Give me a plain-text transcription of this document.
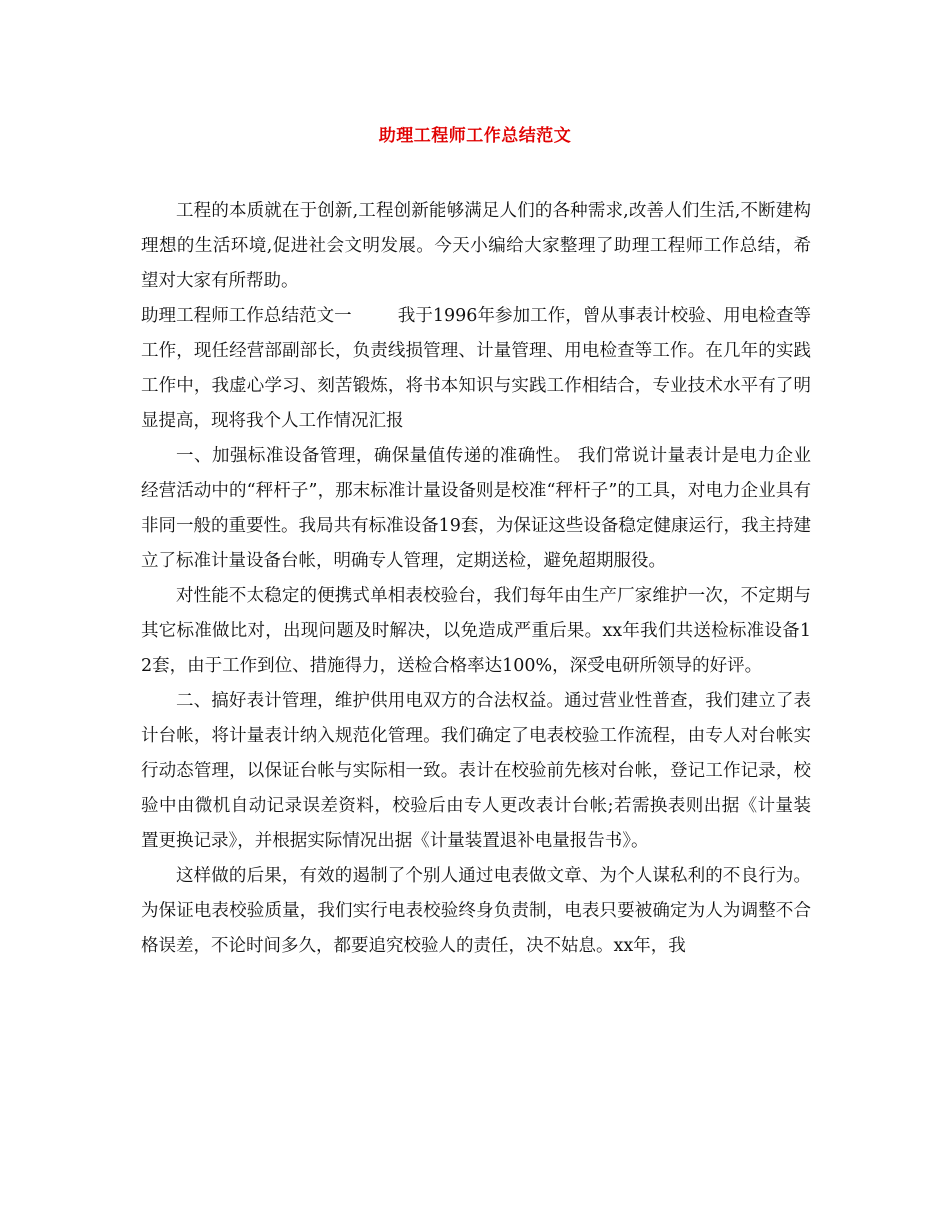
助理工程师工作总结范文

工程的本质就在于创新,工程创新能够满足人们的各种需求,改善人们生活,不断建构理想的生活环境,促进社会文明发展。今天小编给大家整理了助理工程师工作总结，希望对大家有所帮助。

助理工程师工作总结范文一	我于1996年参加工作，曾从事表计校验、用电检查等工作，现任经营部副部长，负责线损管理、计量管理、用电检查等工作。在几年的实践工作中，我虚心学习、刻苦锻炼，将书本知识与实践工作相结合，专业技术水平有了明显提高，现将我个人工作情况汇报

一、加强标准设备管理，确保量值传递的准确性。 我们常说计量表计是电力企业经营活动中的“秤杆子”，那末标准计量设备则是校准“秤杆子”的工具，对电力企业具有非同一般的重要性。我局共有标准设备19套，为保证这些设备稳定健康运行，我主持建立了标准计量设备台帐，明确专人管理，定期送检，避免超期服役。

对性能不太稳定的便携式单相表校验台，我们每年由生产厂家维护一次，不定期与其它标准做比对，出现问题及时解决，以免造成严重后果。xx年我们共送检标准设备12套，由于工作到位、措施得力，送检合格率达100%，深受电研所领导的好评。

二、搞好表计管理，维护供用电双方的合法权益。通过营业性普查，我们建立了表计台帐，将计量表计纳入规范化管理。我们确定了电表校验工作流程，由专人对台帐实行动态管理，以保证台帐与实际相一致。表计在校验前先核对台帐，登记工作记录，校验中由微机自动记录误差资料，校验后由专人更改表计台帐;若需换表则出据《计量装置更换记录》，并根据实际情况出据《计量装置退补电量报告书》。

这样做的后果，有效的遏制了个别人通过电表做文章、为个人谋私利的不良行为。为保证电表校验质量，我们实行电表校验终身负责制，电表只要被确定为人为调整不合格误差，不论时间多久，都要追究校验人的责任，决不姑息。xx年，我
